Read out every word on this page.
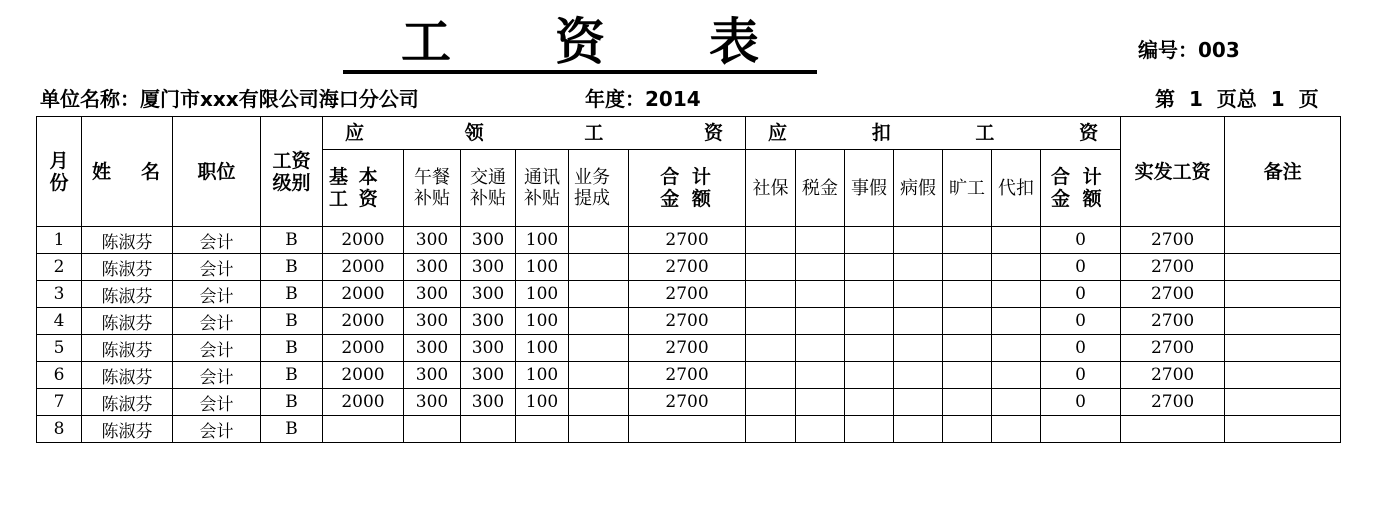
工 资 表	编号：003
单位名称：厦门市xxx有限公司海口分公司	年度：2014	第 1 页总 1 页
月份	姓 名	职位	工资级别	应 领 工 资						应 扣 工 资							实发工资	备注

				基 本 工 资	午餐补贴	交通补贴	通讯补贴	业务提成	合 计 金 额	社保	税金	事假	病假	旷工	代扣	合 计 金 额		

1	陈淑芬	会计	B	2000	300	300	100		2700							0	2700	
2	陈淑芬	会计	B	2000	300	300	100		2700							0	2700	
3	陈淑芬	会计	B	2000	300	300	100		2700							0	2700	
4	陈淑芬	会计	B	2000	300	300	100		2700							0	2700	
5	陈淑芬	会计	B	2000	300	300	100		2700							0	2700	
6	陈淑芬	会计	B	2000	300	300	100		2700							0	2700	
7	陈淑芬	会计	B	2000	300	300	100		2700							0	2700	
8	陈淑芬	会计	B															
